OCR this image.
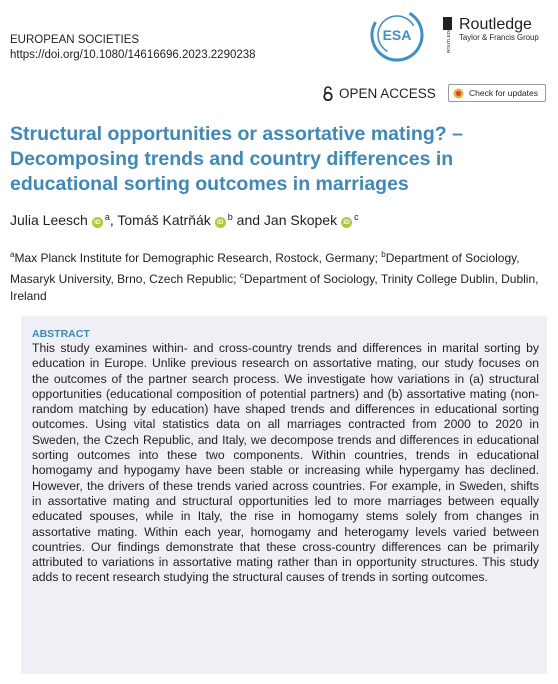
EUROPEAN SOCIETIES
https://doi.org/10.1080/14616696.2023.2290238
ESA	ROUTLEDGE Routledge
Taylor & Francis Group
OPEN ACCESS	Check for updates
Structural opportunities or assortative mating? – Decomposing trends and country differences in educational sorting outcomes in marriages
Julia Leesch $iD^a$, Tomáš Katrňák $iD^b$ and Jan Skopek $iD^c$
$^a$Max Planck Institute for Demographic Research, Rostock, Germany; $^b$Department of Sociology, Masaryk University, Brno, Czech Republic; $^c$Department of Sociology, Trinity College Dublin, Dublin, Ireland
ABSTRACT

This study examines within- and cross-country trends and differences in marital sorting by education in Europe. Unlike previous research on assortative mating, our study focuses on the outcomes of the partner search process. We investigate how variations in (a) structural opportunities (educational composition of potential partners) and (b) assortative mating (non-random matching by education) have shaped trends and differences in educational sorting outcomes. Using vital statistics data on all marriages contracted from 2000 to 2020 in Sweden, the Czech Republic, and Italy, we decompose trends and differences in educational sorting outcomes into these two components. Within countries, trends in educational homogamy and hypogamy have been stable or increasing while hypergamy has declined. However, the drivers of these trends varied across countries. For example, in Sweden, shifts in assortative mating and structural opportunities led to more marriages between equally educated spouses, while in Italy, the rise in homogamy stems solely from changes in assortative mating. Within each year, homogamy and heterogamy levels varied between countries. Our findings demonstrate that these cross-country differences can be primarily attributed to variations in assortative mating rather than in opportunity structures. This study adds to recent research studying the structural causes of trends in sorting outcomes.
